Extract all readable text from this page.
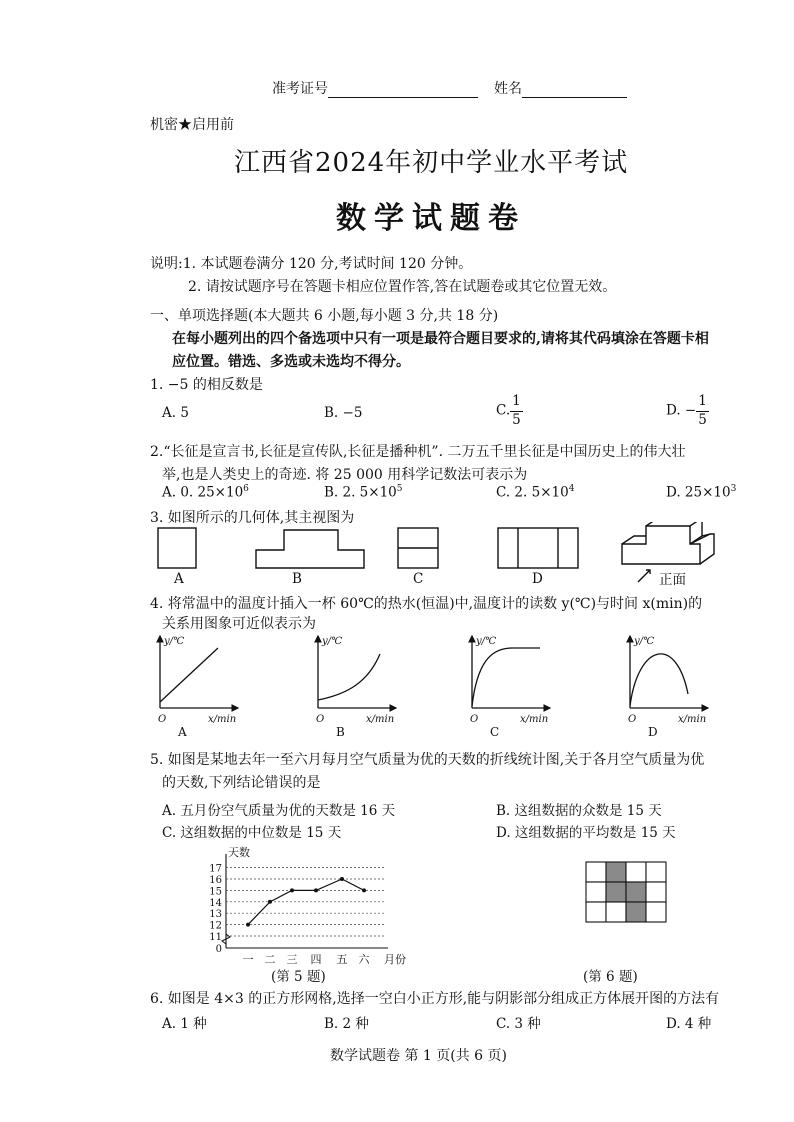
准考证号	姓名
机密★启用前
江西省2024年初中学业水平考试
数学试题卷
说明:1. 本试题卷满分 120 分,考试时间 120 分钟。
2. 请按试题序号在答题卡相应位置作答,答在试题卷或其它位置无效。
一、单项选择题(本大题共 6 小题,每小题 3 分,共 18 分)
在每小题列出的四个备选项中只有一项是最符合题目要求的,请将其代码填涂在答题卡相
应位置。错选、多选或未选均不得分。
1. −5 的相反数是
A. 5	B. −5	C. $\frac{1}{5}$	D. − $\frac{1}{5}$
2.“长征是宣言书,长征是宣传队,长征是播种机”. 二万五千里长征是中国历史上的伟大壮
举,也是人类史上的奇迹. 将 25 000 用科学记数法可表示为
A. 0. $25\times 10^6$	B. 2. $5\times 10^5$	C. 2. $5\times 10^4$	D. $25\times 10^3$
3. 如图所示的几何体,其主视图为
A	B	C	D	正面
4. 将常温中的温度计插入一杯 60℃的热水(恒温)中,温度计的读数 y(℃)与时间 x(min)的
关系用图象可近似表示为
y/℃
x/min
O
A
y/℃
x/min
O
B
y/℃
x/min
O
C
y/℃
x/min
O
D
5. 如图是某地去年一至六月每月空气质量为优的天数的折线统计图,关于各月空气质量为优
的天数,下列结论错误的是
A. 五月份空气质量为优的天数是 16 天	B. 这组数据的众数是 15 天
C. 这组数据的中位数是 15 天	D. 这组数据的平均数是 15 天
0
11
12
13
14
15
16
17
天数
月份
一 二 三 四 五 六
(第 5 题)	(第 6 题)
6. 如图是 4×3 的正方形网格,选择一空白小正方形,能与阴影部分组成正方体展开图的方法有
A. 1 种	B. 2 种	C. 3 种	D. 4 种
数学试题卷 第 1 页(共 6 页)
